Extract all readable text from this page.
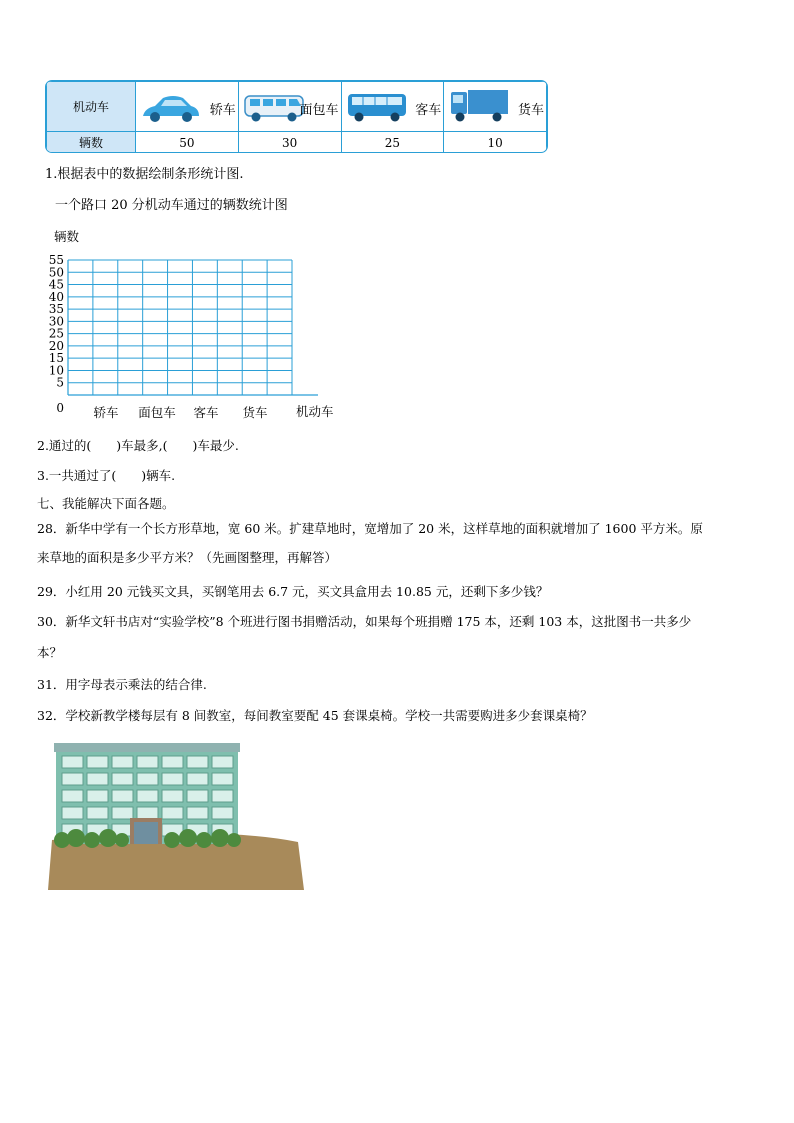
机动车	轿车	面包车	客车	货车

辆数	50	30	25	10
1.根据表中的数据绘制条形统计图.
一个路口 20 分机动车通过的辆数统计图
辆数
0
5
10
15
20
25
30
35
40
45
50
55
轿车 面包车 客车 货车 机动车
2.通过的(　　)车最多,(　　)车最少.
3.一共通过了(　　)辆车.
七、我能解决下面各题。
28．新华中学有一个长方形草地，宽 60 米。扩建草地时，宽增加了 20 米，这样草地的面积就增加了 1600 平方米。原
来草地的面积是多少平方米？（先画图整理，再解答）
29．小红用 20 元钱买文具，买钢笔用去 6.7 元，买文具盒用去 10.85 元，还剩下多少钱？
30．新华文轩书店对“实验学校”8 个班进行图书捐赠活动，如果每个班捐赠 175 本，还剩 103 本，这批图书一共多少
本？
31．用字母表示乘法的结合律.
32．学校新教学楼每层有 8 间教室，每间教室要配 45 套课桌椅。学校一共需要购进多少套课桌椅？
